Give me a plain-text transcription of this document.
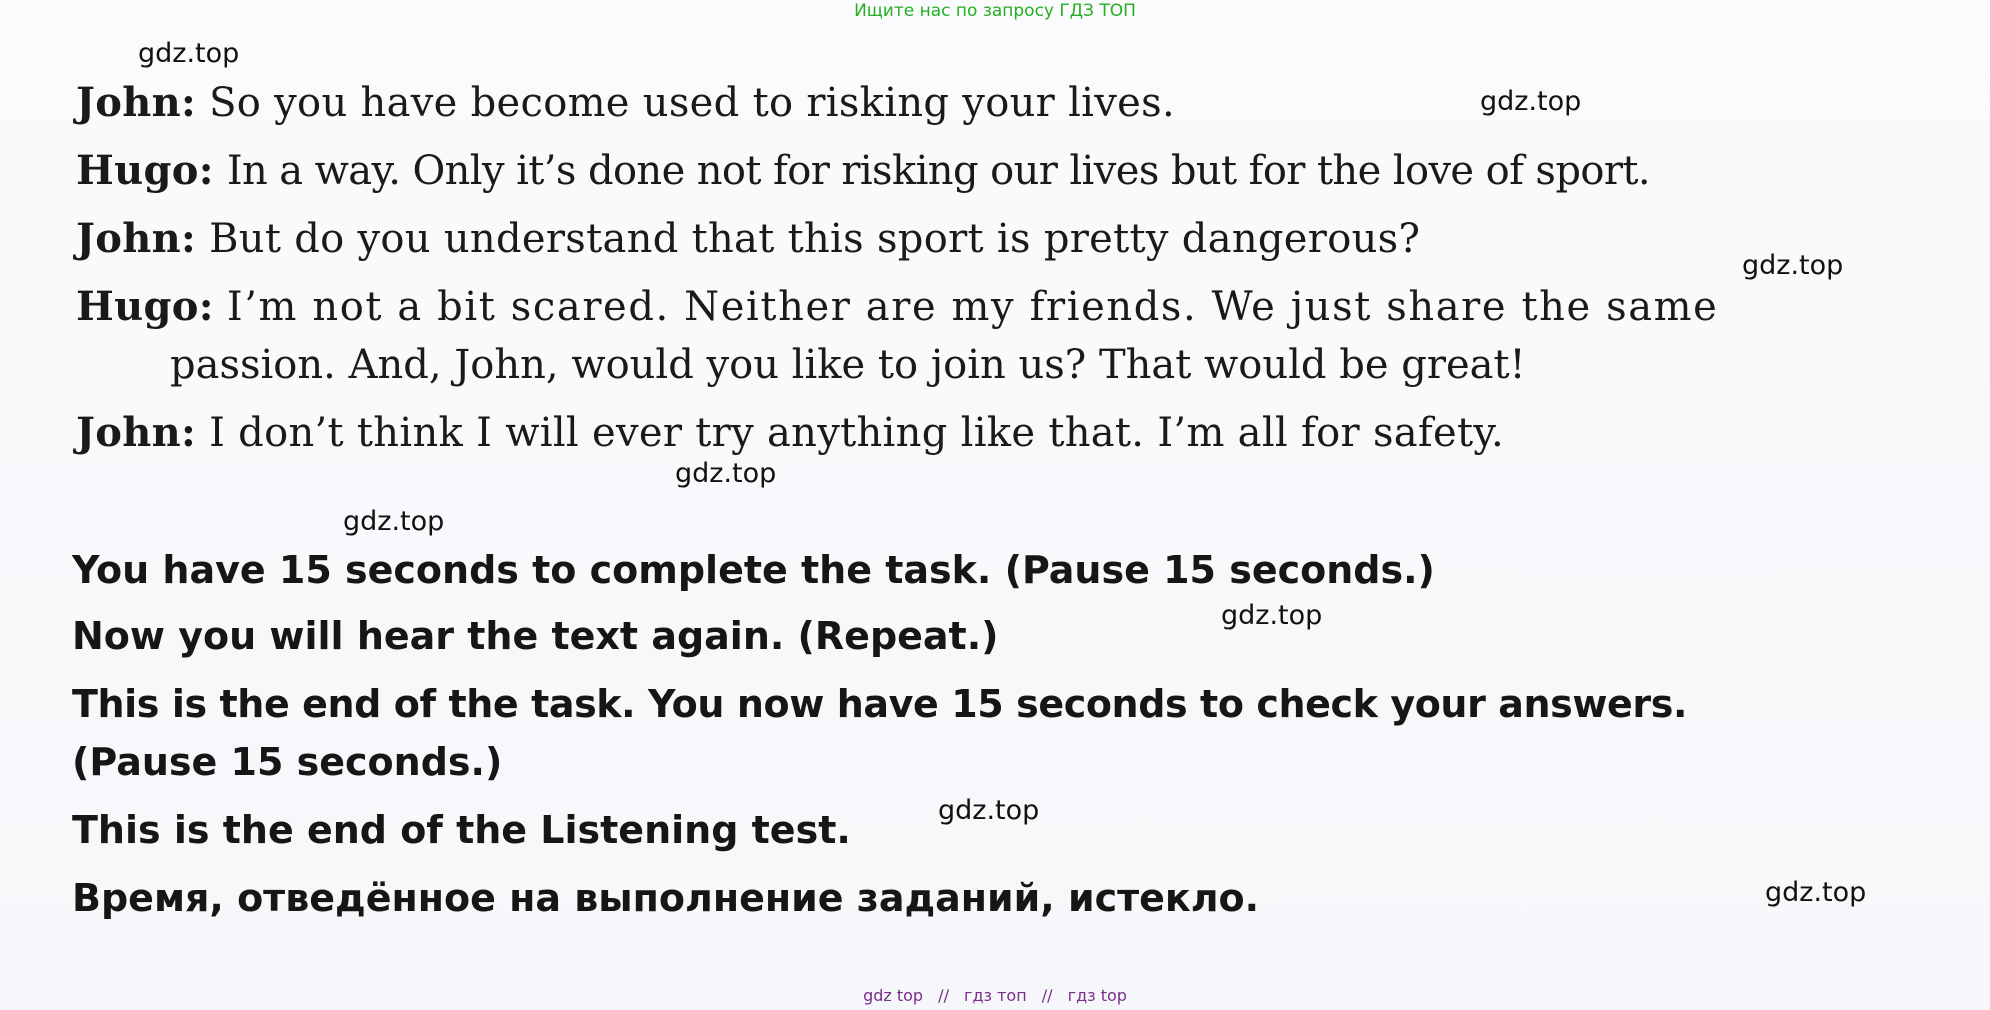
Ищите нас по запросу ГДЗ ТОП
gdz.top
gdz.top
gdz.top
gdz.top
gdz.top
gdz.top
gdz.top
gdz.top
John: So you have become used to risking your lives.
Hugo: In a way. Only it’s done not for risking our lives but for the love of sport.
John: But do you understand that this sport is pretty dangerous?
Hugo: I’m not a bit scared. Neither are my friends. We just share the same
passion. And, John, would you like to join us? That would be great!
John: I don’t think I will ever try anything like that. I’m all for safety.
You have 15 seconds to complete the task. (Pause 15 seconds.)
Now you will hear the text again. (Repeat.)
This is the end of the task. You now have 15 seconds to check your answers.
(Pause 15 seconds.)
This is the end of the Listening test.
Время, отведённое на выполнение заданий, истекло.
gdz top // гдз топ // гдз top
